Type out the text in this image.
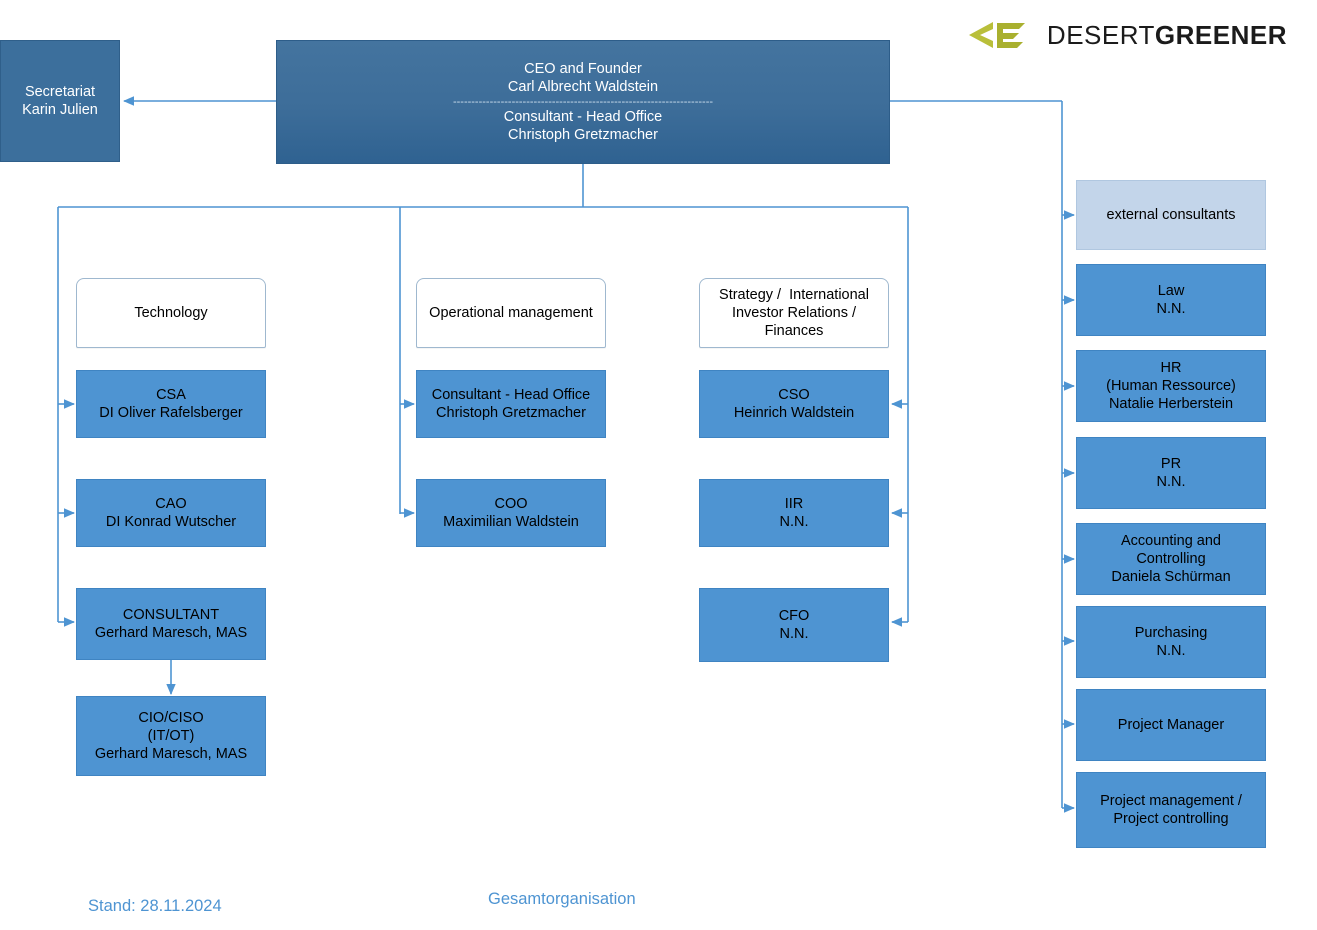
DESERTGREENER
Secretariat
Karin Julien
CEO and Founder
Carl Albrecht Waldstein
-----------------------------------------------------------------------
Consultant - Head Office
Christoph Gretzmacher
Technology
CSA
DI Oliver Rafelsberger
CAO
DI Konrad Wutscher
CONSULTANT
Gerhard Maresch, MAS
CIO/CISO
(IT/OT)
Gerhard Maresch, MAS
Operational management
Consultant - Head Office
Christoph Gretzmacher
COO
Maximilian Waldstein
Strategy /  International
Investor Relations /
Finances
CSO
Heinrich Waldstein
IIR
N.N.
CFO
N.N.
external consultants
Law
N.N.
HR
(Human Ressource)
Natalie Herberstein
PR
N.N.
Accounting and
Controlling
Daniela Schürman
Purchasing
N.N.
Project Manager
Project management /
Project controlling
Stand: 28.11.2024	Gesamtorganisation
